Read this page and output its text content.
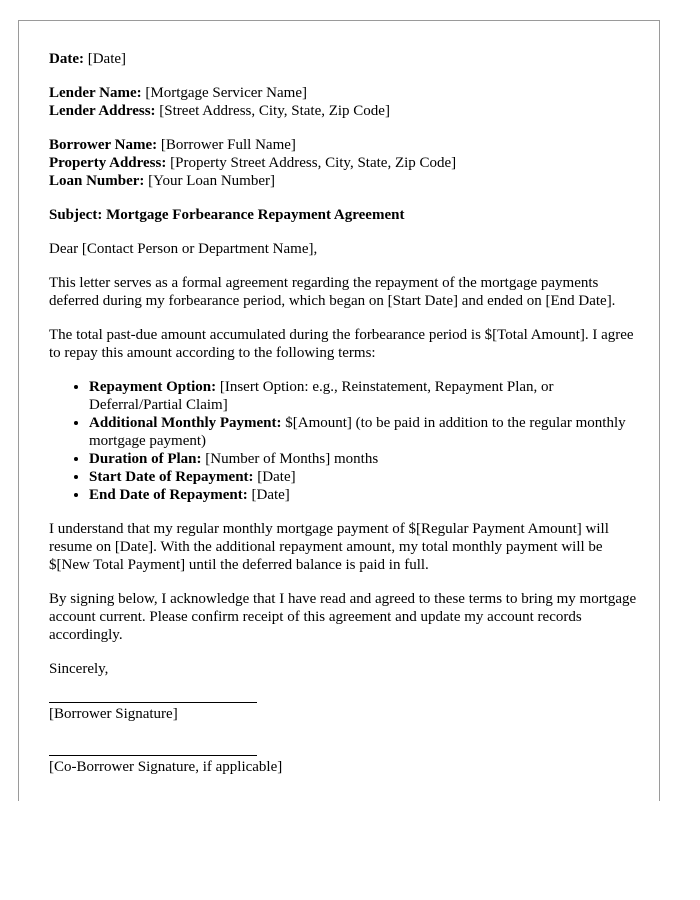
Date: [Date]
Lender Name: [Mortgage Servicer Name]
Lender Address: [Street Address, City, State, Zip Code]
Borrower Name: [Borrower Full Name]
Property Address: [Property Street Address, City, State, Zip Code]
Loan Number: [Your Loan Number]

Subject: Mortgage Forbearance Repayment Agreement

Dear [Contact Person or Department Name],

This letter serves as a formal agreement regarding the repayment of the mortgage payments deferred during my forbearance period, which began on [Start Date] and ended on [End Date].

The total past-due amount accumulated during the forbearance period is $[Total Amount]. I agree to repay this amount according to the following terms:

• Repayment Option: [Insert Option: e.g., Reinstatement, Repayment Plan, or Deferral/Partial Claim]
• Additional Monthly Payment: $[Amount] (to be paid in addition to the regular monthly mortgage payment)
• Duration of Plan: [Number of Months] months
• Start Date of Repayment: [Date]
• End Date of Repayment: [Date]

I understand that my regular monthly mortgage payment of $[Regular Payment Amount] will resume on [Date]. With the additional repayment amount, my total monthly payment will be $[New Total Payment] until the deferred balance is paid in full.

By signing below, I acknowledge that I have read and agreed to these terms to bring my mortgage account current. Please confirm receipt of this agreement and update my account records accordingly.

Sincerely,

[Borrower Signature]
[Co-Borrower Signature, if applicable]
